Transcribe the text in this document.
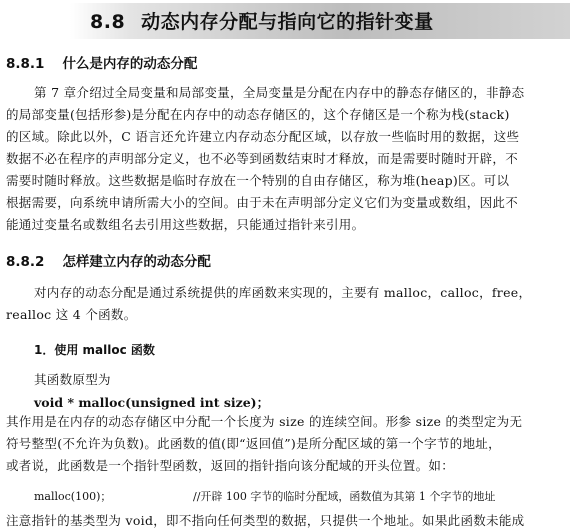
8.8 动态内存分配与指向它的指针变量
8.8.1 什么是内存的动态分配

第 7 章介绍过全局变量和局部变量，全局变量是分配在内存中的静态存储区的，非静态

的局部变量(包括形参)是分配在内存中的动态存储区的，这个存储区是一个称为栈(stack)

的区域。除此以外，C 语言还允许建立内存动态分配区域，以存放一些临时用的数据，这些

数据不必在程序的声明部分定义，也不必等到函数结束时才释放，而是需要时随时开辟，不

需要时随时释放。这些数据是临时存放在一个特别的自由存储区，称为堆(heap)区。可以

根据需要，向系统申请所需大小的空间。由于未在声明部分定义它们为变量或数组，因此不

能通过变量名或数组名去引用这些数据，只能通过指针来引用。

8.8.2 怎样建立内存的动态分配

对内存的动态分配是通过系统提供的库函数来实现的，主要有 malloc，calloc，free，

realloc 这 4 个函数。

1．使用 malloc 函数

其函数原型为

void * malloc(unsigned int size)；

其作用是在内存的动态存储区中分配一个长度为 size 的连续空间。形参 size 的类型定为无

符号整型(不允许为负数)。此函数的值(即“返回值”)是所分配区域的第一个字节的地址，

或者说，此函数是一个指针型函数，返回的指针指向该分配域的开头位置。如：

malloc(100)；	//开辟 100 字节的临时分配域，函数值为其第 1 个字节的地址

注意指针的基类型为 void，即不指向任何类型的数据，只提供一个地址。如果此函数未能成
